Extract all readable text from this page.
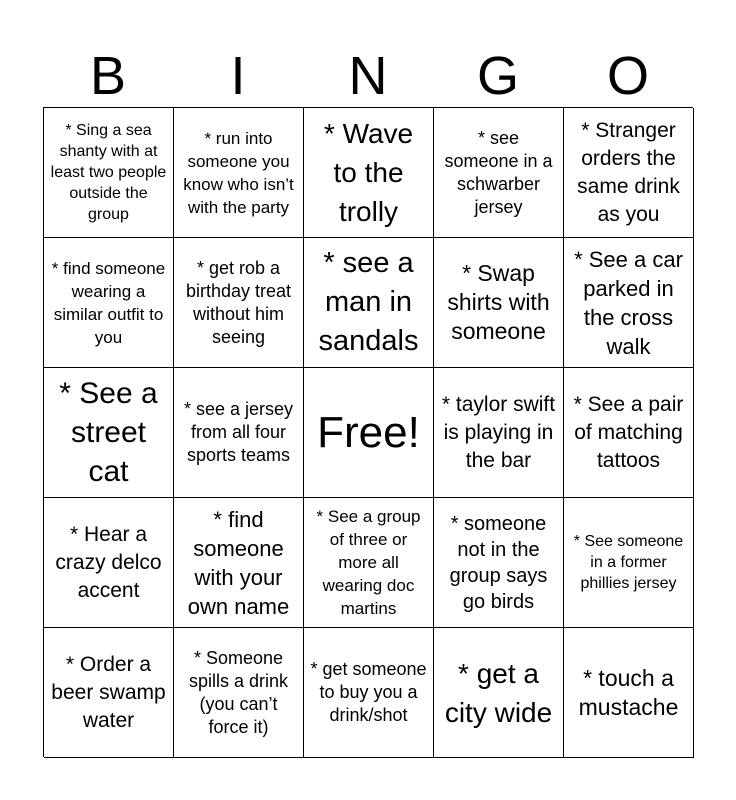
B	I	N	G	O
* Sing a sea shanty with at least two people outside the group
* run into someone you know who isn’t with the party
* Wave to the trolly
* see someone in a schwarber jersey
* Stranger orders the same drink as you
* find someone wearing a similar outfit to you
* get rob a birthday treat without him seeing
* see a man in sandals
* Swap shirts with someone
* See a car parked in the cross walk
* See a street cat
* see a jersey from all four sports teams Free!
* taylor swift is playing in the bar
* See a pair of matching tattoos
* Hear a crazy delco accent
* find someone with your own name
* See a group of three or more all wearing doc martins
* someone not in the group says go birds
* See someone in a former phillies jersey
* Order a beer swamp water
* Someone spills a drink (you can’t force it)
* get someone to buy you a drink/shot
* get a city wide
* touch a mustache
